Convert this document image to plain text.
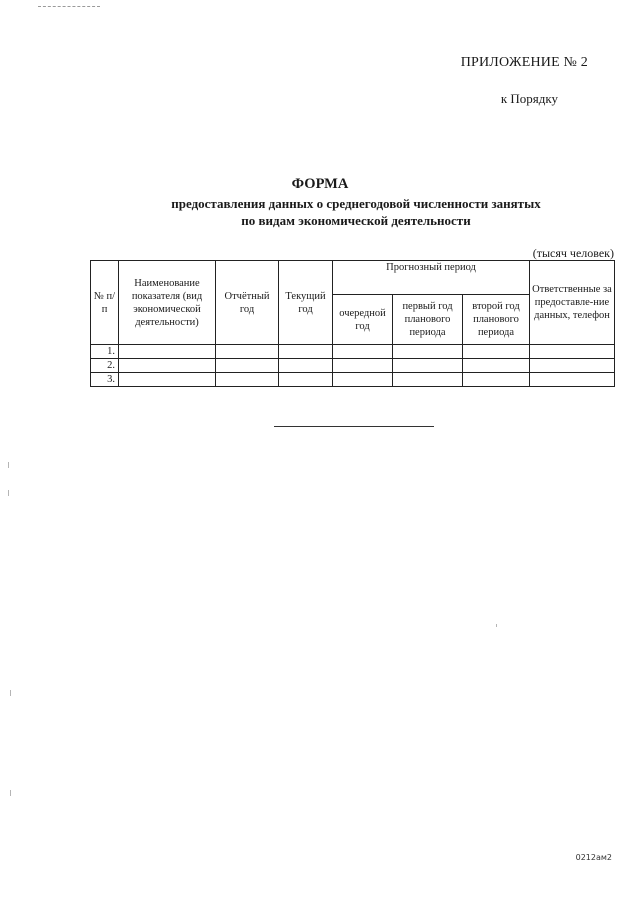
ПРИЛОЖЕНИЕ № 2
к Порядку
ФОРМА
предоставления данных о среднегодовой численности занятых
по видам экономической деятельности
(тысяч человек)
№ п/п	Наименование показателя (вид экономической деятельности)	Отчётный год	Текущий год	Прогнозный период			Ответственные за предоставле-ние данных, телефон
				очередной год	первый год планового периода	второй год планового периода	
1.							
2.							
3.							
0212ам2
